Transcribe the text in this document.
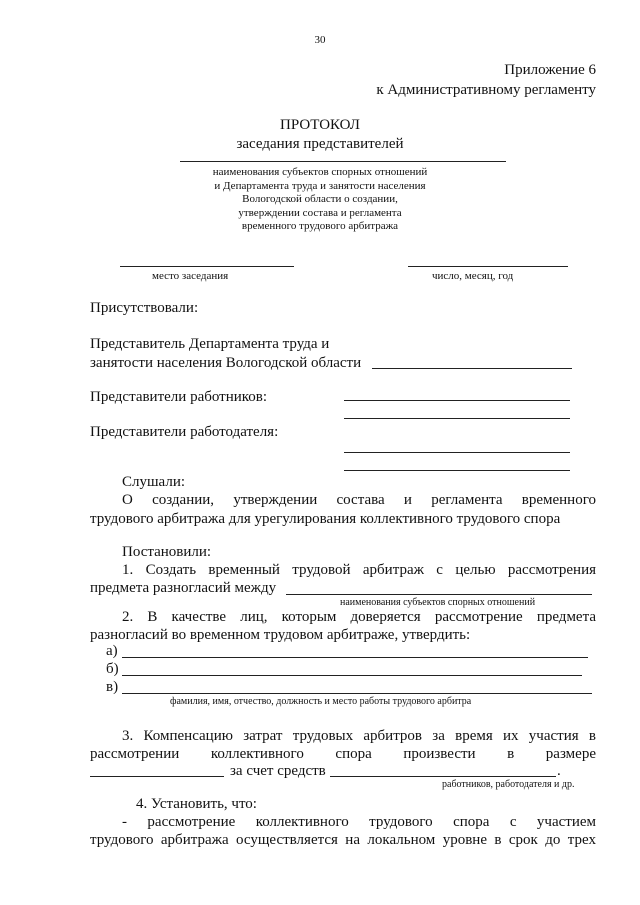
30
Приложение 6
к Административному регламенту
ПРОТОКОЛ
заседания представителей
наименования субъектов спорных отношений
и Департамента труда и занятости населения
Вологодской области о создании,
утверждении состава и регламента
временного трудового арбитража
место заседания	число, месяц, год
Присутствовали:
Представитель Департамента труда и
занятости населения Вологодской области
Представители работников:
Представители работодателя:
Слушали:
О создании, утверждении состава и регламента временного
трудового арбитража для урегулирования коллективного трудового спора
Постановили:
1. Создать временный трудовой арбитраж с целью рассмотрения
предмета разногласий между
наименования субъектов спорных отношений
2. В качестве лиц, которым доверяется рассмотрение предмета
разногласий во временном трудовом арбитраже, утвердить:
а)
б)
в)
фамилия, имя, отчество, должность и место работы трудового арбитра
3. Компенсацию затрат трудовых арбитров за время их участия в
рассмотрении коллективного спора произвести в размере
за счет средств	.
работников, работодателя и др.
4. Установить, что:
- рассмотрение коллективного трудового спора с участием
трудового арбитража осуществляется на локальном уровне в срок до трех
